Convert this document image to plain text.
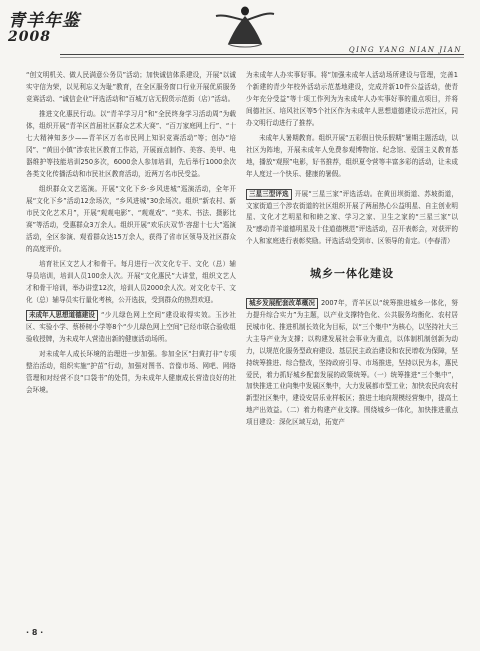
青羊年鉴
2008
QING YANG NIAN JIAN

“创文明机关、做人民满意公务员”活动；加快诚信体系建设，开展“以诚实守信为荣，以见利忘义为耻”教育，在全区服务窗口行业开展优质服务竞赛活动、“诚信企业”评选活动和“百城万店无假货示范街（店）”活动。

推进文化惠民行动。以“青羊学习月”和“全民终身学习活动周”为载体，组织开展“青羊区首届社区群众艺术大赛”、“百万家庭网上行”、“十七大精神知多少——青羊区万名市民网上知识竞赛活动”等；创办“培冈”、“黄田小镇”涉农社区教育工作站，开展面点制作、美容、美甲、电器维护等技能培训250多次，6000余人参加培训，先后举行1000余次各类文化传播活动和市民社区教育活动，近两万名市民受益。

组织群众文艺巡演。开展“文化下乡·乡风进城”巡演活动，全年开展“文化下乡”活动12余场次，“乡风进城”30余场次。组织“新农村、新市民文化艺术月”，开展“观观电影”、“观观戏”、“美术、书法、摄影比赛”等活动，受惠群众3万余人。组织开展“欢乐庆双节·容甜十七大”巡演活动，全区参演、观看群众达15万余人，获得了省市区领导及社区群众的高度评价。

培育社区文艺人才和骨干。每月进行一次文化专干、文化（总）辅导员培训，培训人员100余人次。开展“文化惠民”大讲堂，组织文艺人才和骨干培训，举办讲堂12次，培训人员2000余人次。对文化专干、文化（总）辅导员实行量化考核，公开选拔，受到群众的热烈欢迎。

未成年人思想道德建设 “少儿绿色网上空间”建设取得实效。玉沙社区、实验小学、蔡桥树小学等8个“少儿绿色网上空间”已经市联合验收组验收授牌，为未成年人营造出新的健康活动场所。

对未成年人成长环境的治理进一步加强。参加全区“扫黄打非”专项整治活动，组织实施“护苗”行动，加强对图书、音像市场、网吧、网络管理和对经营不良“口袋书”的处罚，为未成年人健康成长营造良好的社会环境。

为未成年人办实事好事。将“加强未成年人活动场所建设与管理，完善1个新建的青少年校外活动示范基地建设，完成并新10件公益活动，使青少年充分受益”等十项工作列为为未成年人办实事好事的重点项目，并将间德社区、培风社区等5个社区作为未成年人思想道德建设示范社区，同办文明行动进行了推荐。

未成年人暑期教育。组织开展“五彩假日快乐假期”暑期主题活动，以社区为阵地，开展未成年人免费参观博物馆、纪念馆、爱国主义教育基地，播放“观照”电影，好书推荐，组织夏令营等丰富多彩的活动，让未成年人度过一个快乐、健康的暑假。

三星三型评选 开展“三星三家”评选活动。在黄田坝街道、苏坡街道，文家街道三个涉农街道的社区组织开展了两届热心公益明星、自主创业明星、文化才艺明星和和睦之家、学习之家、卫生之家的“三星三家”以及“感动青羊道德明星及十佳道德模范”评选活动，召开表彰会，对获评的个人和家庭进行表彰奖励。评选活动受到市、区领导的肯定。（李春清）

城乡一体化建设

城乡发展配套改革概况 2007年，青羊区以“统筹推进城乡一体化，努力提升综合实力”为主题，以产业支撑特色化、公共服务均衡化、农村居民城市化、推进机制长效化为目标，以“三个集中”为核心，以坚持社大三大主导产业为支撑；以构建发展社会事业为重点，以体制机制创新为动力，以规范化服务型政府建设、基层民主政治建设和农民增收为保障，坚持统筹推进、综合整改，坚持政府引导、市场推进，坚持以民为本，惠民爱民，着力抓好城乡配套发展的政策统筹。（一）统筹推进“三个集中”，加快推进工业向集中发展区集中，大力发展都市型工业；加快农民向农村新型社区集中，建设安居乐业样板区；推进土地向规模经营集中，提高土地产出效益。（二）着力构建产业支撑。围绕城乡一体化，加快推进重点项目建设：深化区域互动，拓宽产

· 8 ·
